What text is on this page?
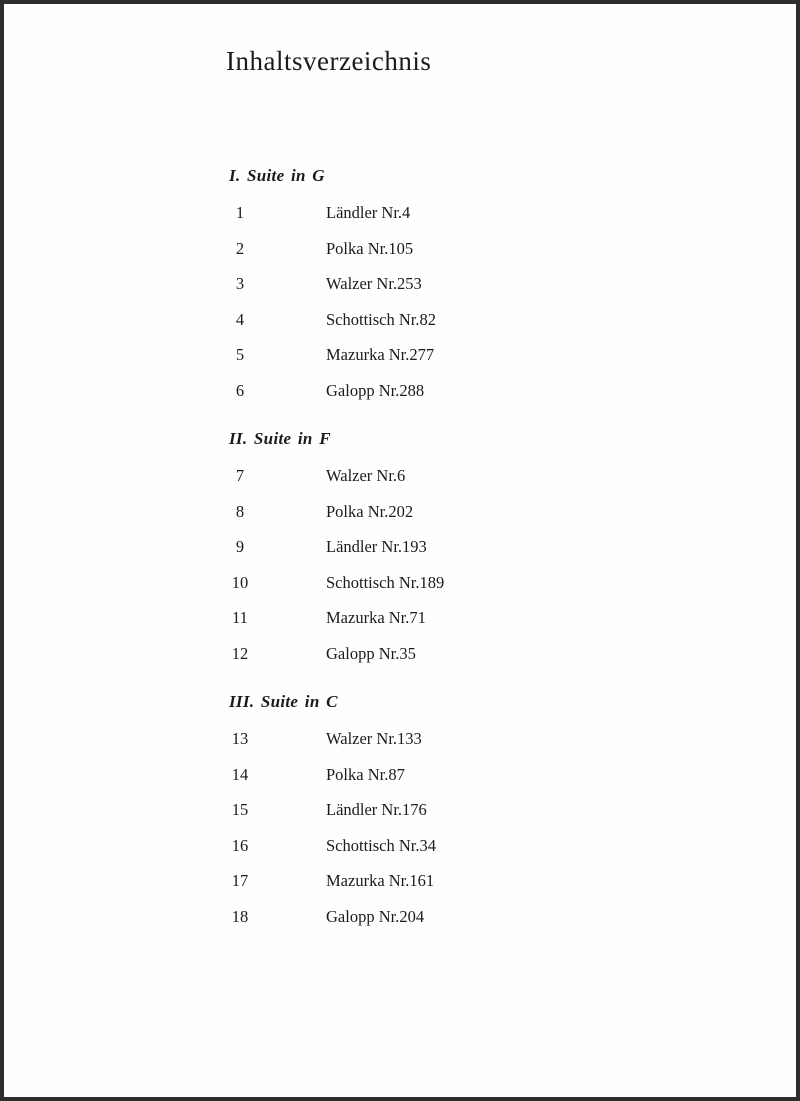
Inhaltsverzeichnis
I. Suite in G
1	Ländler Nr.4
2	Polka Nr.105
3	Walzer Nr.253
4	Schottisch Nr.82
5	Mazurka Nr.277
6	Galopp Nr.288
II. Suite in F
7	Walzer Nr.6
8	Polka Nr.202
9	Ländler Nr.193
10	Schottisch Nr.189
11	Mazurka Nr.71
12	Galopp Nr.35
III. Suite in C
13	Walzer Nr.133
14	Polka Nr.87
15	Ländler Nr.176
16	Schottisch Nr.34
17	Mazurka Nr.161
18	Galopp Nr.204
